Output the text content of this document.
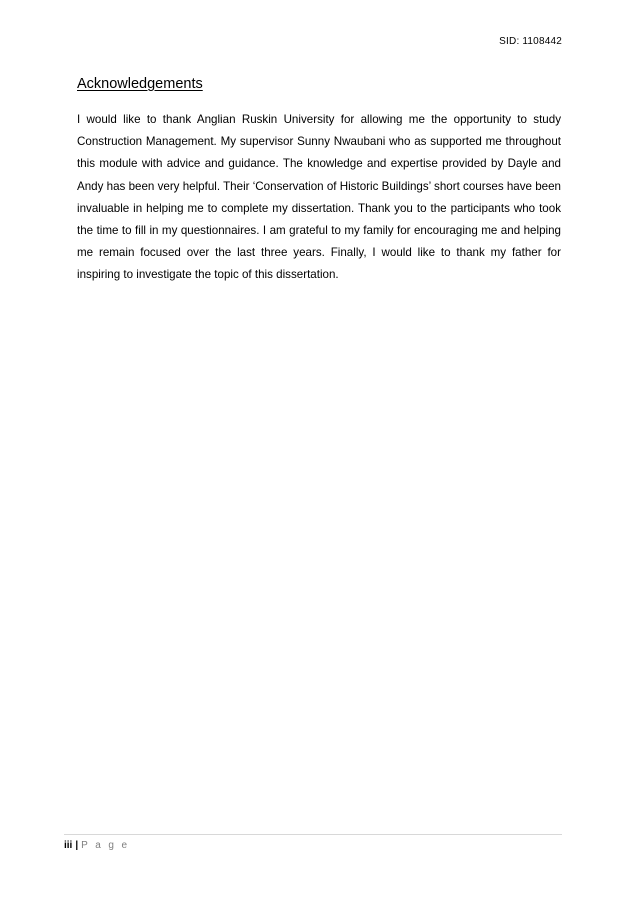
SID: 1108442
Acknowledgements

I would like to thank Anglian Ruskin University for allowing me the opportunity to study Construction Management. My supervisor Sunny Nwaubani who as supported me throughout this module with advice and guidance. The knowledge and expertise provided by Dayle and Andy has been very helpful. Their ‘Conservation of Historic Buildings’ short courses have been invaluable in helping me to complete my dissertation. Thank you to the participants who took the time to fill in my questionnaires. I am grateful to my family for encouraging me and helping me remain focused over the last three years. Finally, I would like to thank my father for inspiring to investigate the topic of this dissertation.

iii | P a g e
